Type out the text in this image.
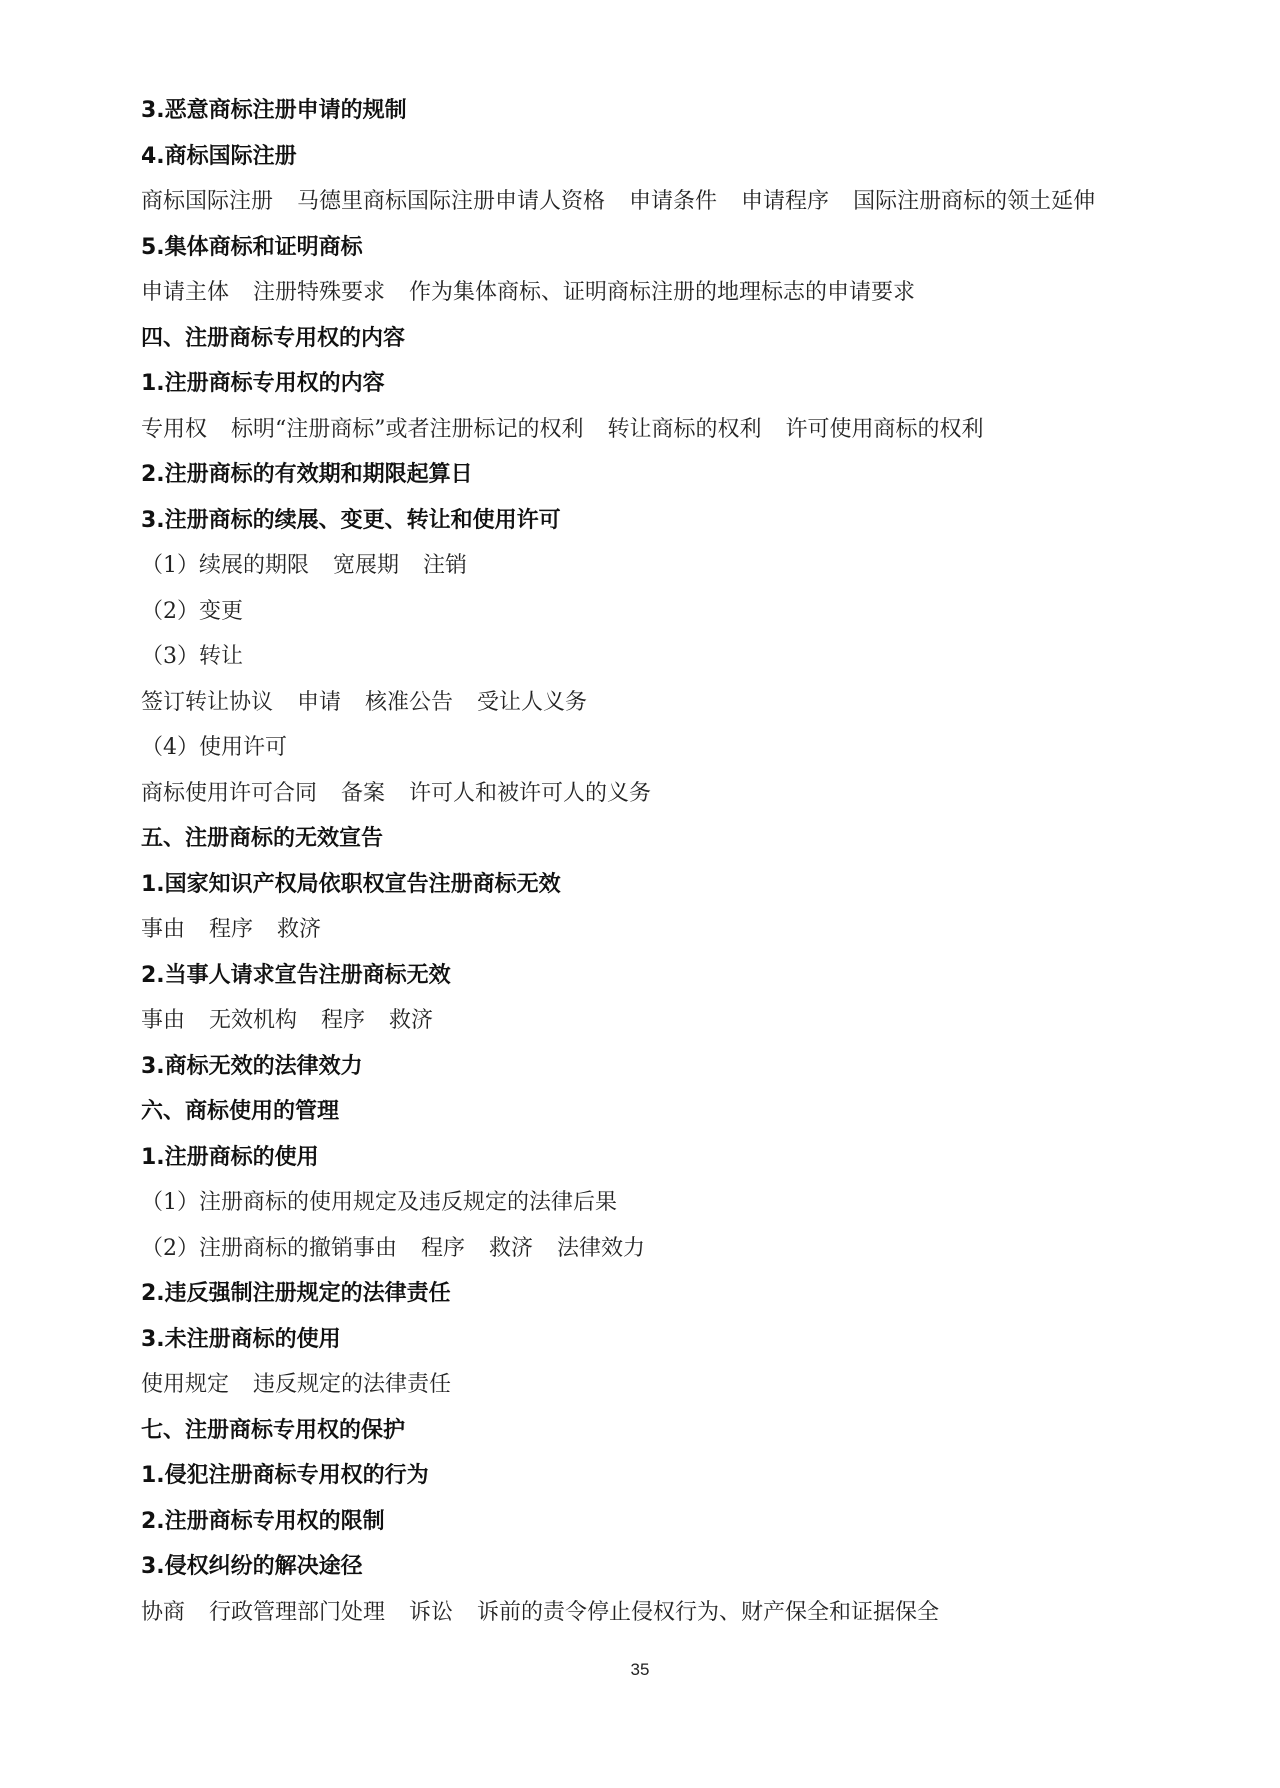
3.恶意商标注册申请的规制
4.商标国际注册
商标国际注册 马德里商标国际注册申请人资格 申请条件 申请程序 国际注册商标的领土延伸
5.集体商标和证明商标
申请主体 注册特殊要求 作为集体商标、证明商标注册的地理标志的申请要求
四、注册商标专用权的内容
1.注册商标专用权的内容
专用权 标明“注册商标”或者注册标记的权利 转让商标的权利 许可使用商标的权利
2.注册商标的有效期和期限起算日
3.注册商标的续展、变更、转让和使用许可
（1）续展的期限 宽展期 注销
（2）变更
（3）转让
签订转让协议 申请 核准公告 受让人义务
（4）使用许可
商标使用许可合同 备案 许可人和被许可人的义务
五、注册商标的无效宣告
1.国家知识产权局依职权宣告注册商标无效
事由 程序 救济
2.当事人请求宣告注册商标无效
事由 无效机构 程序 救济
3.商标无效的法律效力
六、商标使用的管理
1.注册商标的使用
（1）注册商标的使用规定及违反规定的法律后果
（2）注册商标的撤销事由 程序 救济 法律效力
2.违反强制注册规定的法律责任
3.未注册商标的使用
使用规定 违反规定的法律责任
七、注册商标专用权的保护
1.侵犯注册商标专用权的行为
2.注册商标专用权的限制
3.侵权纠纷的解决途径
协商 行政管理部门处理 诉讼 诉前的责令停止侵权行为、财产保全和证据保全
35
